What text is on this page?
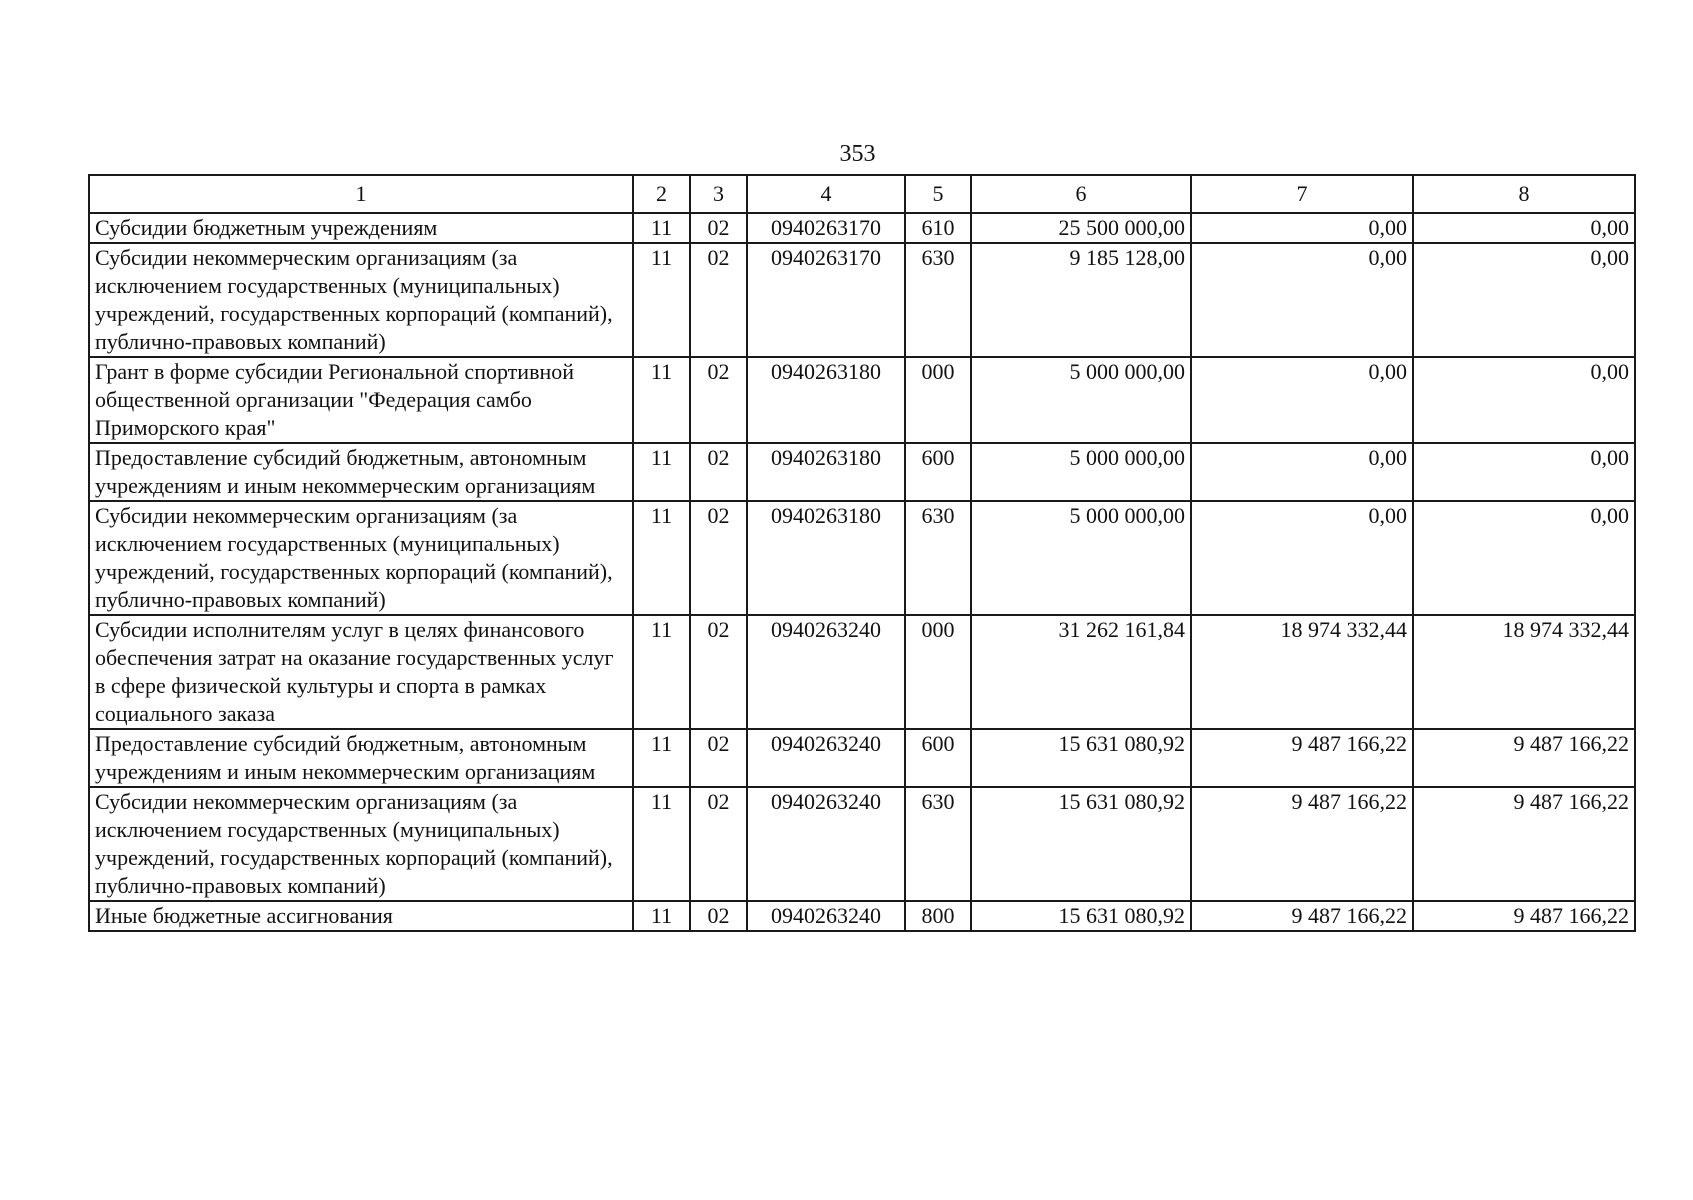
353
1	2	3	4	5	6	7	8
Субсидии бюджетным учреждениям	11	02	0940263170	610	25 500 000,00	0,00	0,00
Субсидии некоммерческим организациям (за исключением государственных (муниципальных) учреждений, государственных корпораций (компаний), публично-правовых компаний)	11	02	0940263170	630	9 185 128,00	0,00	0,00
Грант в форме субсидии Региональной спортивной общественной организации "Федерация самбо Приморского края"	11	02	0940263180	000	5 000 000,00	0,00	0,00
Предоставление субсидий бюджетным, автономным учреждениям и иным некоммерческим организациям	11	02	0940263180	600	5 000 000,00	0,00	0,00
Субсидии некоммерческим организациям (за исключением государственных (муниципальных) учреждений, государственных корпораций (компаний), публично-правовых компаний)	11	02	0940263180	630	5 000 000,00	0,00	0,00
Субсидии исполнителям услуг в целях финансового обеспечения затрат на оказание государственных услуг в сфере физической культуры и спорта в рамках социального заказа	11	02	0940263240	000	31 262 161,84	18 974 332,44	18 974 332,44
Предоставление субсидий бюджетным, автономным учреждениям и иным некоммерческим организациям	11	02	0940263240	600	15 631 080,92	9 487 166,22	9 487 166,22
Субсидии некоммерческим организациям (за исключением государственных (муниципальных) учреждений, государственных корпораций (компаний), публично-правовых компаний)	11	02	0940263240	630	15 631 080,92	9 487 166,22	9 487 166,22
Иные бюджетные ассигнования	11	02	0940263240	800	15 631 080,92	9 487 166,22	9 487 166,22
